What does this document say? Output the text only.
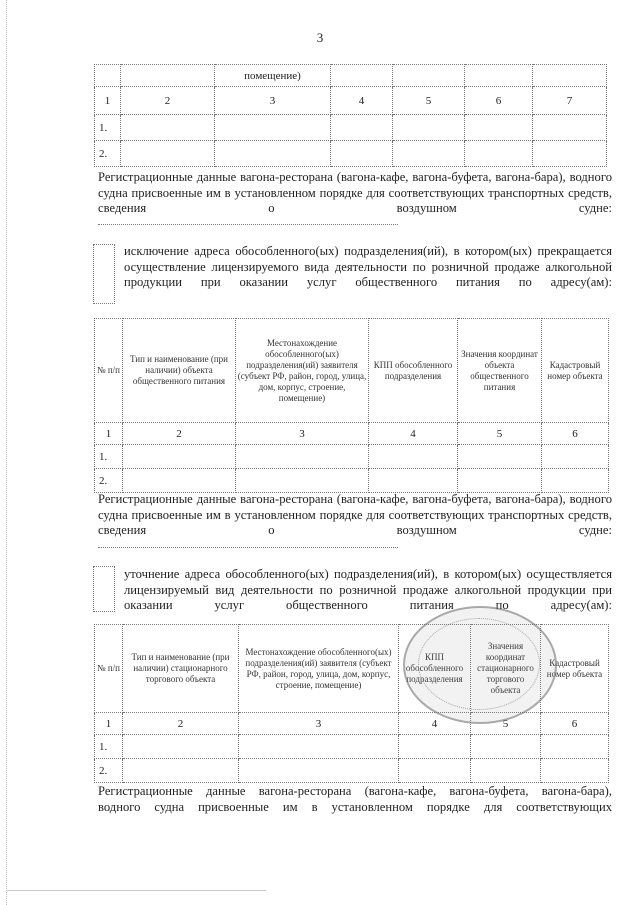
3
		помещение)				
1	2	3	4	5	6	7
1.						
2.						
Регистрационные данные вагона-ресторана (вагона-кафе, вагона-буфета, вагона-бара), водного судна присвоенные им в установленном порядке для соответствующих транспортных средств, сведения о воздушном судне:
исключение адреса обособленного(ых) подразделения(ий), в котором(ых) прекращается осуществление лицензируемого вида деятельности по розничной продаже алкогольной продукции при оказании услуг общественного питания по адресу(ам):
№ п/п	Тип и наименование (при наличии) объекта общественного питания	Местонахождение обособленного(ых) подразделения(ий) заявителя (субъект РФ, район, город, улица, дом, корпус, строение, помещение)	КПП обособленного подразделения	Значения координат объекта общественного питания	Кадастровый номер объекта
1	2	3	4	5	6
1.					
2.					
Регистрационные данные вагона-ресторана (вагона-кафе, вагона-буфета, вагона-бара), водного судна присвоенные им в установленном порядке для соответствующих транспортных средств, сведения о воздушном судне:
уточнение адреса обособленного(ых) подразделения(ий), в котором(ых) осуществляется лицензируемый вид деятельности по розничной продаже алкогольной продукции при оказании услуг общественного питания по адресу(ам):
№ п/п	Тип и наименование (при наличии) стационарного торгового объекта	Местонахождение обособленного(ых) подразделения(ий) заявителя (субъект РФ, район, город, улица, дом, корпус, строение, помещение)	КПП обособленного подразделения	Значения координат стационарного торгового объекта	Кадастровый номер объекта
1	2	3	4	5	6
1.					
2.					
Регистрационные данные вагона-ресторана (вагона-кафе, вагона-буфета, вагона-бара),
водного судна присвоенные им в установленном порядке для соответствующих
